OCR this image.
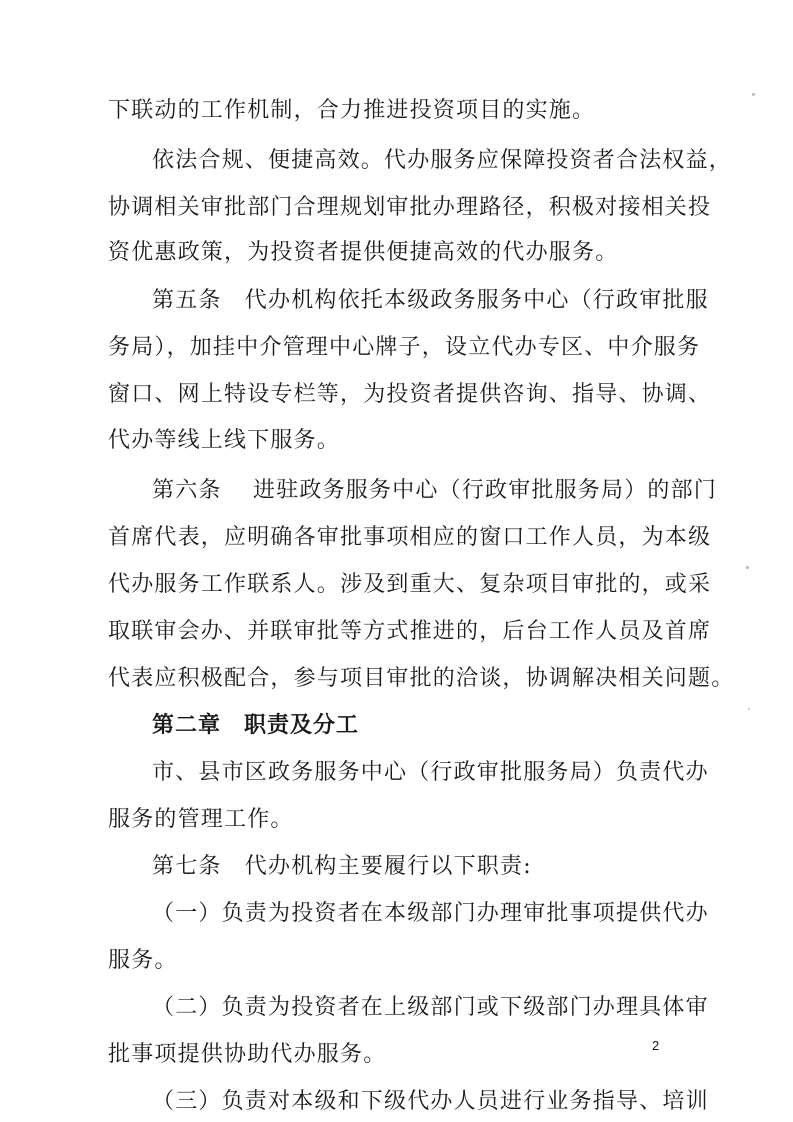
下联动的工作机制，合力推进投资项目的实施。
依法合规、便捷高效。代办服务应保障投资者合法权益，
协调相关审批部门合理规划审批办理路径，积极对接相关投
资优惠政策，为投资者提供便捷高效的代办服务。
第五条　代办机构依托本级政务服务中心（行政审批服
务局），加挂中介管理中心牌子，设立代办专区、中介服务
窗口、网上特设专栏等，为投资者提供咨询、指导、协调、
代办等线上线下服务。
第六条　 进驻政务服务中心（行政审批服务局）的部门
首席代表，应明确各审批事项相应的窗口工作人员，为本级
代办服务工作联系人。涉及到重大、复杂项目审批的，或采
取联审会办、并联审批等方式推进的，后台工作人员及首席
代表应积极配合，参与项目审批的洽谈，协调解决相关问题。
第二章　职责及分工
市、县市区政务服务中心（行政审批服务局）负责代办
服务的管理工作。
第七条　代办机构主要履行以下职责:
（一）负责为投资者在本级部门办理审批事项提供代办
服务。
（二）负责为投资者在上级部门或下级部门办理具体审
批事项提供协助代办服务。
（三）负责对本级和下级代办人员进行业务指导、培训
2
